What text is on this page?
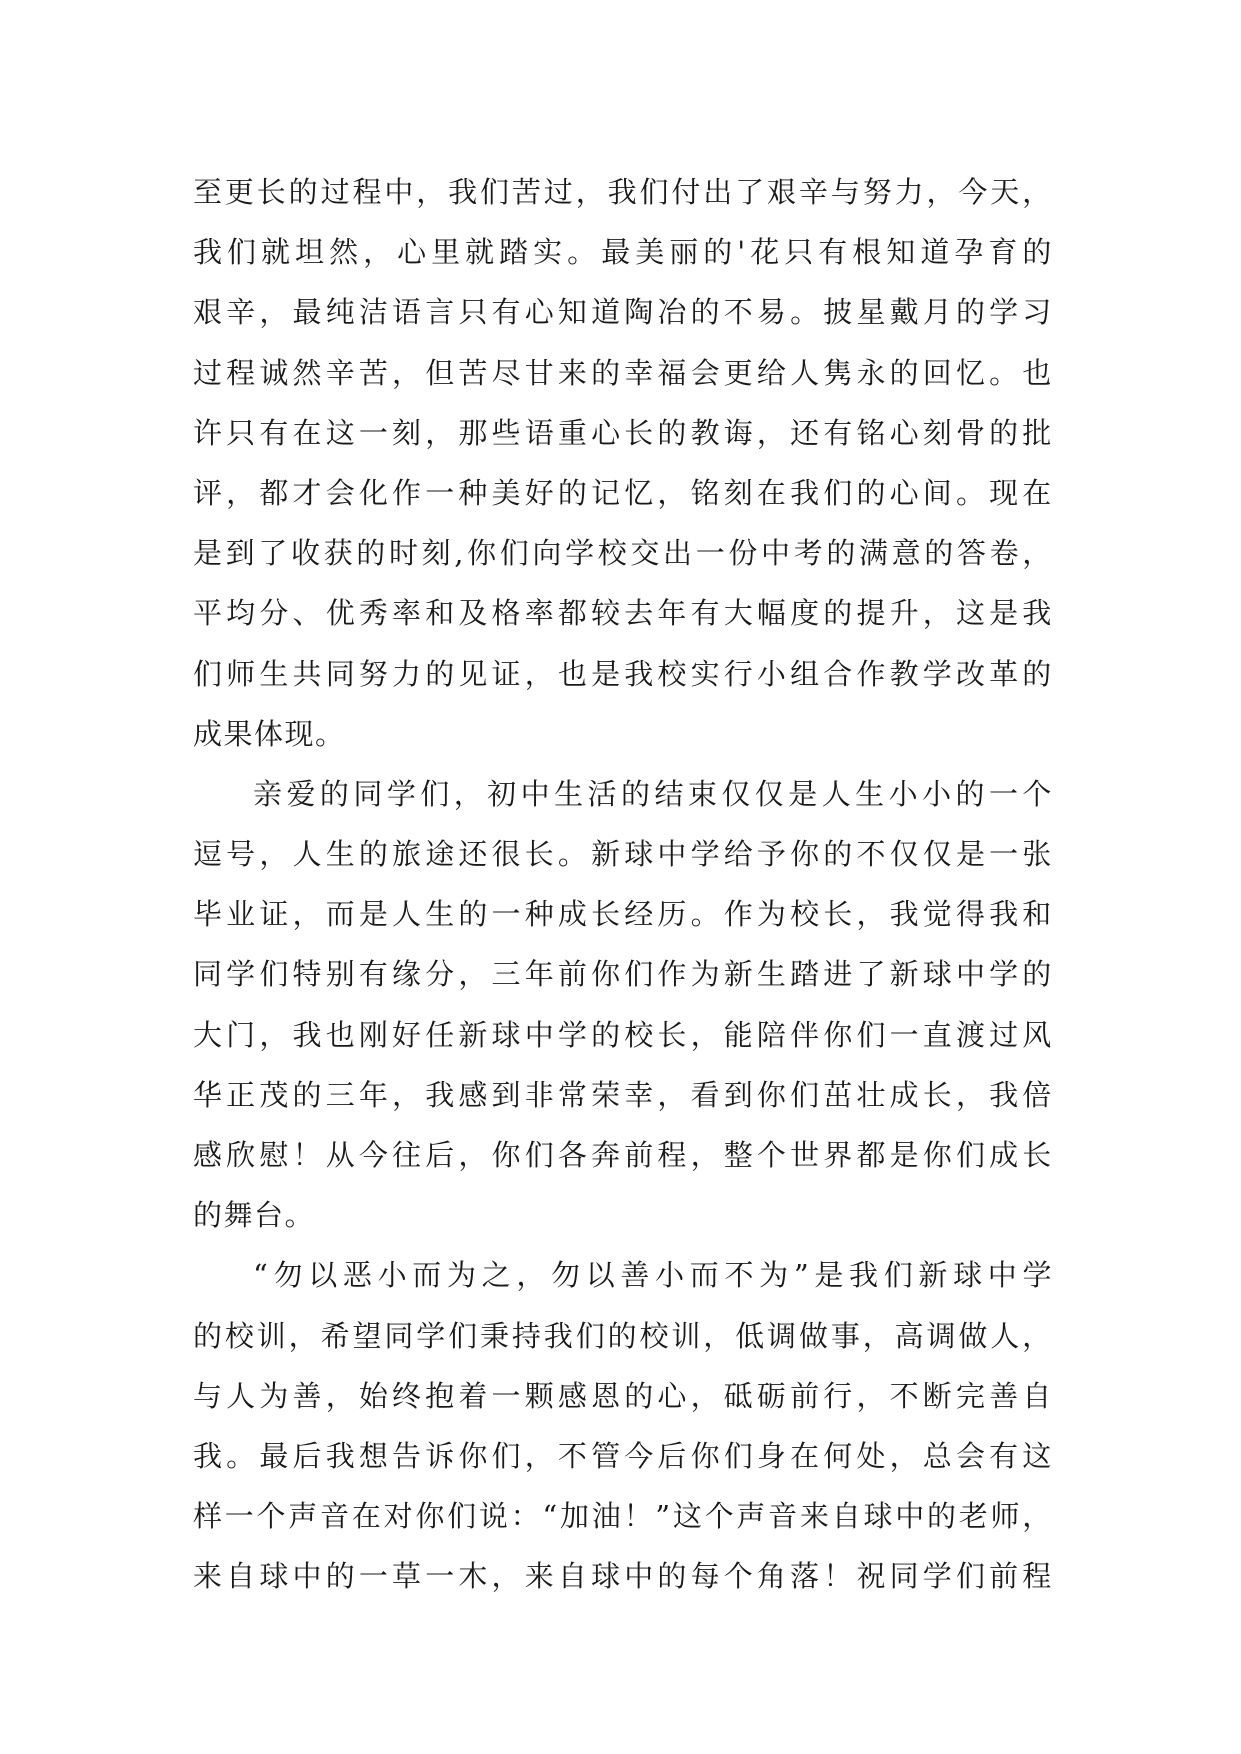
至 更 长 的 过 程 中 ， 我 们 苦 过 ， 我 们 付 出 了 艰 辛 与 努 力 ， 今 天 ，
我 们 就 坦 然 ， 心 里 就 踏 实 。 最 美 丽 的 ' 花 只 有 根 知 道 孕 育 的
艰 辛 ， 最 纯 洁 语 言 只 有 心 知 道 陶 冶 的 不 易 。 披 星 戴 月 的 学 习
过 程 诚 然 辛 苦 ， 但 苦 尽 甘 来 的 幸 福 会 更 给 人 隽 永 的 回 忆 。 也
许 只 有 在 这 一 刻 ， 那 些 语 重 心 长 的 教 诲 ， 还 有 铭 心 刻 骨 的 批
评 ， 都 才 会 化 作 一 种 美 好 的 记 忆 ， 铭 刻 在 我 们 的 心 间 。 现 在
是 到 了 收 获 的 时 刻 , 你 们 向 学 校 交 出 一 份 中 考 的 满 意 的 答 卷 ，
平 均 分 、 优 秀 率 和 及 格 率 都 较 去 年 有 大 幅 度 的 提 升 ， 这 是 我
们 师 生 共 同 努 力 的 见 证 ， 也 是 我 校 实 行 小 组 合 作 教 学 改 革 的
成果体现。
亲 爱 的 同 学 们 ， 初 中 生 活 的 结 束 仅 仅 是 人 生 小 小 的 一 个
逗 号 ， 人 生 的 旅 途 还 很 长 。 新 球 中 学 给 予 你 的 不 仅 仅 是 一 张
毕 业 证 ， 而 是 人 生 的 一 种 成 长 经 历 。 作 为 校 长 ， 我 觉 得 我 和
同 学 们 特 别 有 缘 分 ， 三 年 前 你 们 作 为 新 生 踏 进 了 新 球 中 学 的
大 门 ， 我 也 刚 好 任 新 球 中 学 的 校 长 ， 能 陪 伴 你 们 一 直 渡 过 风
华 正 茂 的 三 年 ， 我 感 到 非 常 荣 幸 ， 看 到 你 们 茁 壮 成 长 ， 我 倍
感 欣 慰 ！ 从 今 往 后 ， 你 们 各 奔 前 程 ， 整 个 世 界 都 是 你 们 成 长
的舞台。
“ 勿 以 恶 小 而 为 之 ， 勿 以 善 小 而 不 为 ” 是 我 们 新 球 中 学
的 校 训 ， 希 望 同 学 们 秉 持 我 们 的 校 训 ， 低 调 做 事 ， 高 调 做 人 ，
与 人 为 善 ， 始 终 抱 着 一 颗 感 恩 的 心 ， 砥 砺 前 行 ， 不 断 完 善 自
我 。 最 后 我 想 告 诉 你 们 ， 不 管 今 后 你 们 身 在 何 处 ， 总 会 有 这
样 一 个 声 音 在 对 你 们 说 ： “ 加 油 ！ ” 这 个 声 音 来 自 球 中 的 老 师 ，
来 自 球 中 的 一 草 一 木 ， 来 自 球 中 的 每 个 角 落 ！ 祝 同 学 们 前 程
